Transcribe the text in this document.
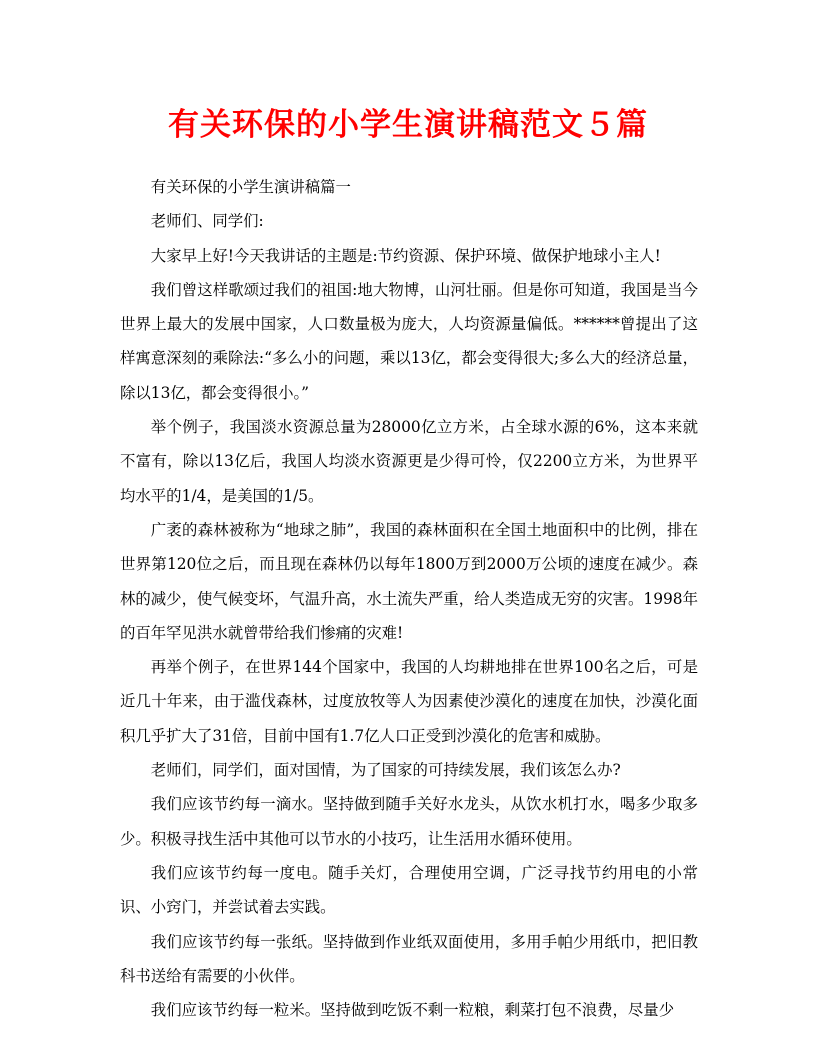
有关环保的小学生演讲稿范文５篇

有关环保的小学生演讲稿篇一

老师们、同学们:

大家早上好!今天我讲话的主题是:节约资源、保护环境、做保护地球小主人!

我们曾这样歌颂过我们的祖国:地大物博，山河壮丽。但是你可知道，我国是当今世界上最大的发展中国家，人口数量极为庞大，人均资源量偏低。******曾提出了这样寓意深刻的乘除法:“多么小的问题，乘以13亿，都会变得很大;多么大的经济总量，除以13亿，都会变得很小。”

举个例子，我国淡水资源总量为28000亿立方米，占全球水源的6%，这本来就不富有，除以13亿后，我国人均淡水资源更是少得可怜，仅2200立方米，为世界平均水平的1/4，是美国的1/5。

广袤的森林被称为“地球之肺”，我国的森林面积在全国土地面积中的比例，排在世界第120位之后，而且现在森林仍以每年1800万到2000万公顷的速度在减少。森林的减少，使气候变坏，气温升高，水土流失严重，给人类造成无穷的灾害。1998年的百年罕见洪水就曾带给我们惨痛的灾难!

再举个例子，在世界144个国家中，我国的人均耕地排在世界100名之后，可是近几十年来，由于滥伐森林，过度放牧等人为因素使沙漠化的速度在加快，沙漠化面积几乎扩大了31倍，目前中国有1.7亿人口正受到沙漠化的危害和威胁。

老师们，同学们，面对国情，为了国家的可持续发展，我们该怎么办?

我们应该节约每一滴水。坚持做到随手关好水龙头，从饮水机打水，喝多少取多少。积极寻找生活中其他可以节水的小技巧，让生活用水循环使用。

我们应该节约每一度电。随手关灯，合理使用空调，广泛寻找节约用电的小常识、小窍门，并尝试着去实践。

我们应该节约每一张纸。坚持做到作业纸双面使用，多用手帕少用纸巾，把旧教科书送给有需要的小伙伴。

我们应该节约每一粒米。坚持做到吃饭不剩一粒粮，剩菜打包不浪费，尽量少
